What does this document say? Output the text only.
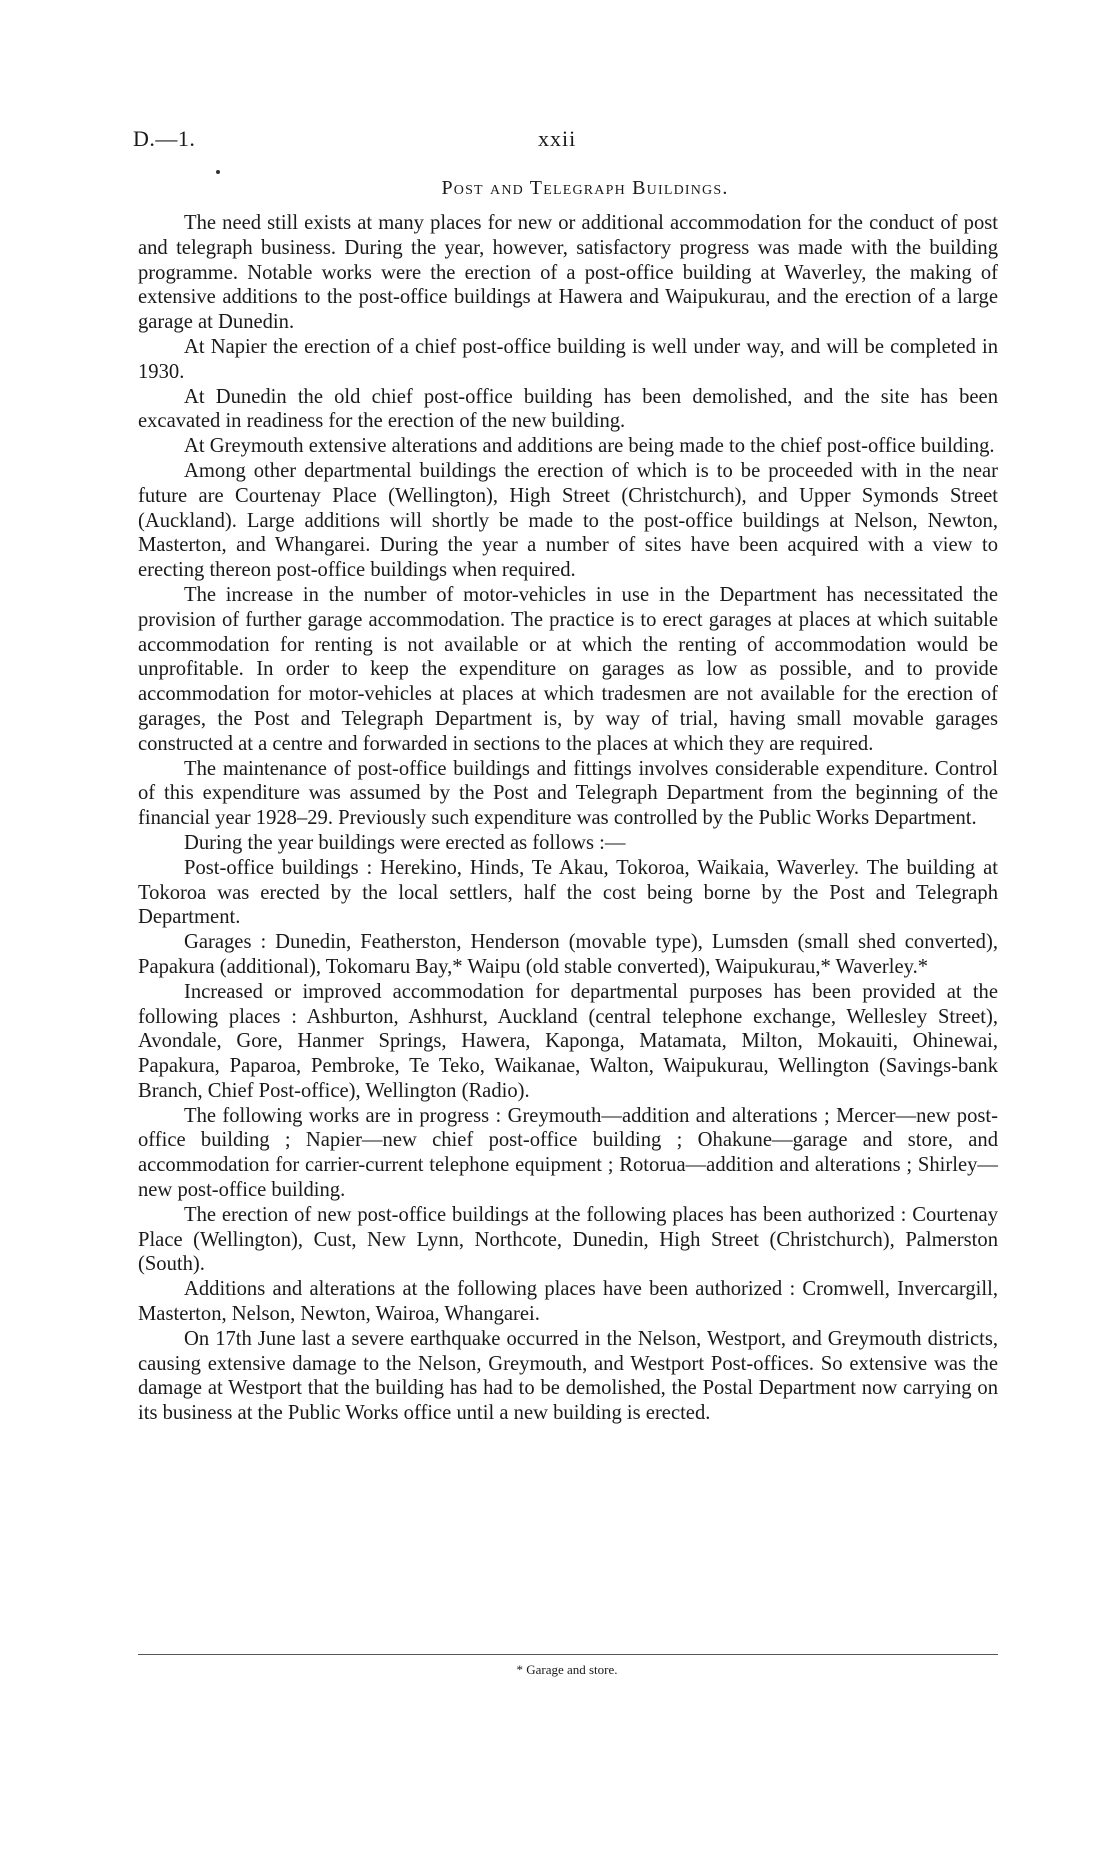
D.—1.	xxii
Post and Telegraph Buildings.

The need still exists at many places for new or additional accommodation for the conduct of post and telegraph business. During the year, however, satisfactory progress was made with the building programme. Notable works were the erection of a post-office building at Waverley, the making of extensive additions to the post-office buildings at Hawera and Waipukurau, and the erection of a large garage at Dunedin.

At Napier the erection of a chief post-office building is well under way, and will be completed in 1930.

At Dunedin the old chief post-office building has been demolished, and the site has been excavated in readiness for the erection of the new building.

At Greymouth extensive alterations and additions are being made to the chief post-office building.

Among other departmental buildings the erection of which is to be proceeded with in the near future are Courtenay Place (Wellington), High Street (Christchurch), and Upper Symonds Street (Auckland). Large additions will shortly be made to the post-office buildings at Nelson, Newton, Masterton, and Whangarei. During the year a number of sites have been acquired with a view to erecting thereon post-office buildings when required.

The increase in the number of motor-vehicles in use in the Department has necessitated the provision of further garage accommodation. The practice is to erect garages at places at which suitable accommodation for renting is not available or at which the renting of accommodation would be unprofitable. In order to keep the expenditure on garages as low as possible, and to provide accommodation for motor-vehicles at places at which tradesmen are not available for the erection of garages, the Post and Telegraph Department is, by way of trial, having small movable garages constructed at a centre and forwarded in sections to the places at which they are required.

The maintenance of post-office buildings and fittings involves considerable expenditure. Control of this expenditure was assumed by the Post and Telegraph Department from the beginning of the financial year 1928–29. Previously such expenditure was controlled by the Public Works Department.

During the year buildings were erected as follows :—

Post-office buildings : Herekino, Hinds, Te Akau, Tokoroa, Waikaia, Waverley. The building at Tokoroa was erected by the local settlers, half the cost being borne by the Post and Telegraph Department.

Garages : Dunedin, Featherston, Henderson (movable type), Lumsden (small shed converted), Papakura (additional), Tokomaru Bay,* Waipu (old stable converted), Waipukurau,* Waverley.*

Increased or improved accommodation for departmental purposes has been provided at the following places : Ashburton, Ashhurst, Auckland (central telephone exchange, Wellesley Street), Avondale, Gore, Hanmer Springs, Hawera, Kaponga, Matamata, Milton, Mokauiti, Ohinewai, Papakura, Paparoa, Pembroke, Te Teko, Waikanae, Walton, Waipukurau, Wellington (Savings-bank Branch, Chief Post-office), Wellington (Radio).

The following works are in progress : Greymouth—addition and alterations ; Mercer—new post-office building ; Napier—new chief post-office building ; Ohakune—garage and store, and accommodation for carrier-current telephone equipment ; Rotorua—addition and alterations ; Shirley—new post-office building.

The erection of new post-office buildings at the following places has been authorized : Courtenay Place (Wellington), Cust, New Lynn, Northcote, Dunedin, High Street (Christchurch), Palmerston (South).

Additions and alterations at the following places have been authorized : Cromwell, Invercargill, Masterton, Nelson, Newton, Wairoa, Whangarei.

On 17th June last a severe earthquake occurred in the Nelson, Westport, and Greymouth districts, causing extensive damage to the Nelson, Greymouth, and Westport Post-offices. So extensive was the damage at Westport that the building has had to be demolished, the Postal Department now carrying on its business at the Public Works office until a new building is erected.

* Garage and store.
